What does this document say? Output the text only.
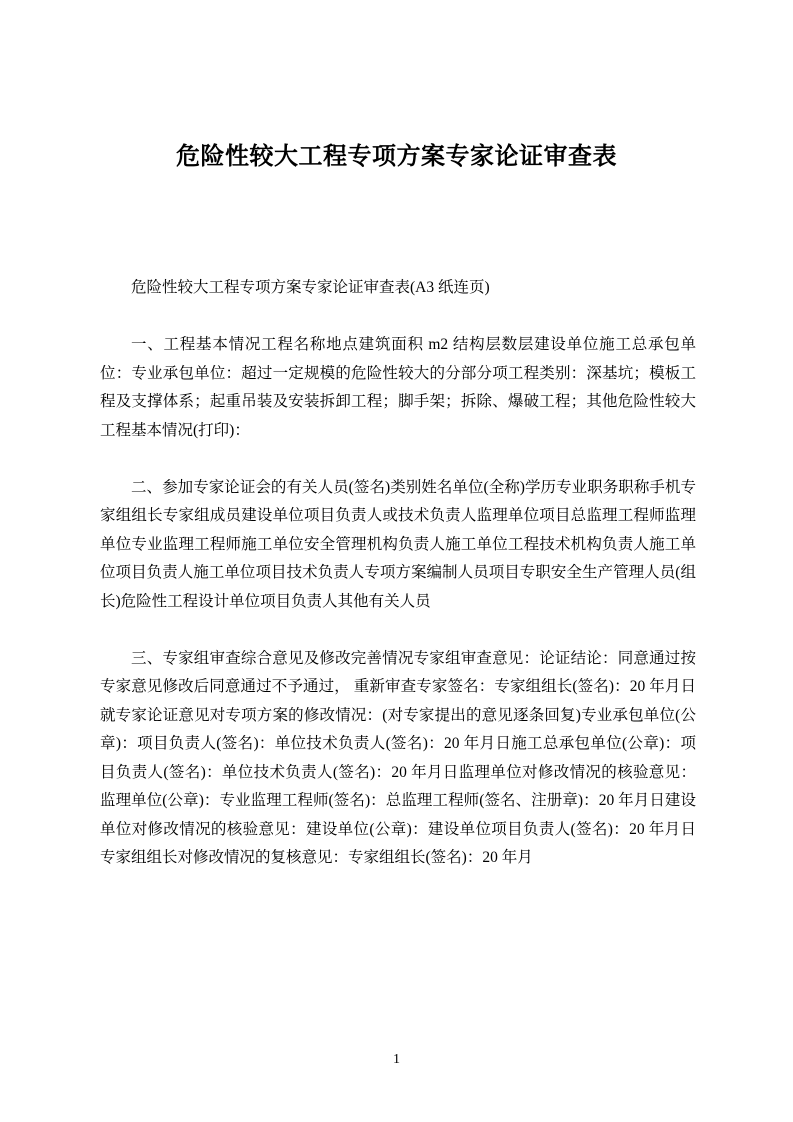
危险性较大工程专项方案专家论证审查表

危险性较大工程专项方案专家论证审查表(A3 纸连页)

一、工程基本情况工程名称地点建筑面积 m2 结构层数层建设单位施工总承包单位：专业承包单位：超过一定规模的危险性较大的分部分项工程类别：深基坑；模板工程及支撑体系；起重吊装及安装拆卸工程；脚手架；拆除、爆破工程；其他危险性较大工程基本情况(打印)：

二、参加专家论证会的有关人员(签名)类别姓名单位(全称)学历专业职务职称手机专家组组长专家组成员建设单位项目负责人或技术负责人监理单位项目总监理工程师监理单位专业监理工程师施工单位安全管理机构负责人施工单位工程技术机构负责人施工单位项目负责人施工单位项目技术负责人专项方案编制人员项目专职安全生产管理人员(组长)危险性工程设计单位项目负责人其他有关人员

三、专家组审查综合意见及修改完善情况专家组审查意见：论证结论：同意通过按专家意见修改后同意通过不予通过， 重新审查专家签名：专家组组长(签名)：20 年月日就专家论证意见对专项方案的修改情况：(对专家提出的意见逐条回复)专业承包单位(公章)：项目负责人(签名)：单位技术负责人(签名)：20 年月日施工总承包单位(公章)：项目负责人(签名)：单位技术负责人(签名)：20 年月日监理单位对修改情况的核验意见：监理单位(公章)：专业监理工程师(签名)：总监理工程师(签名、注册章)：20 年月日建设单位对修改情况的核验意见：建设单位(公章)：建设单位项目负责人(签名)：20 年月日专家组组长对修改情况的复核意见：专家组组长(签名)：20 年月

1
